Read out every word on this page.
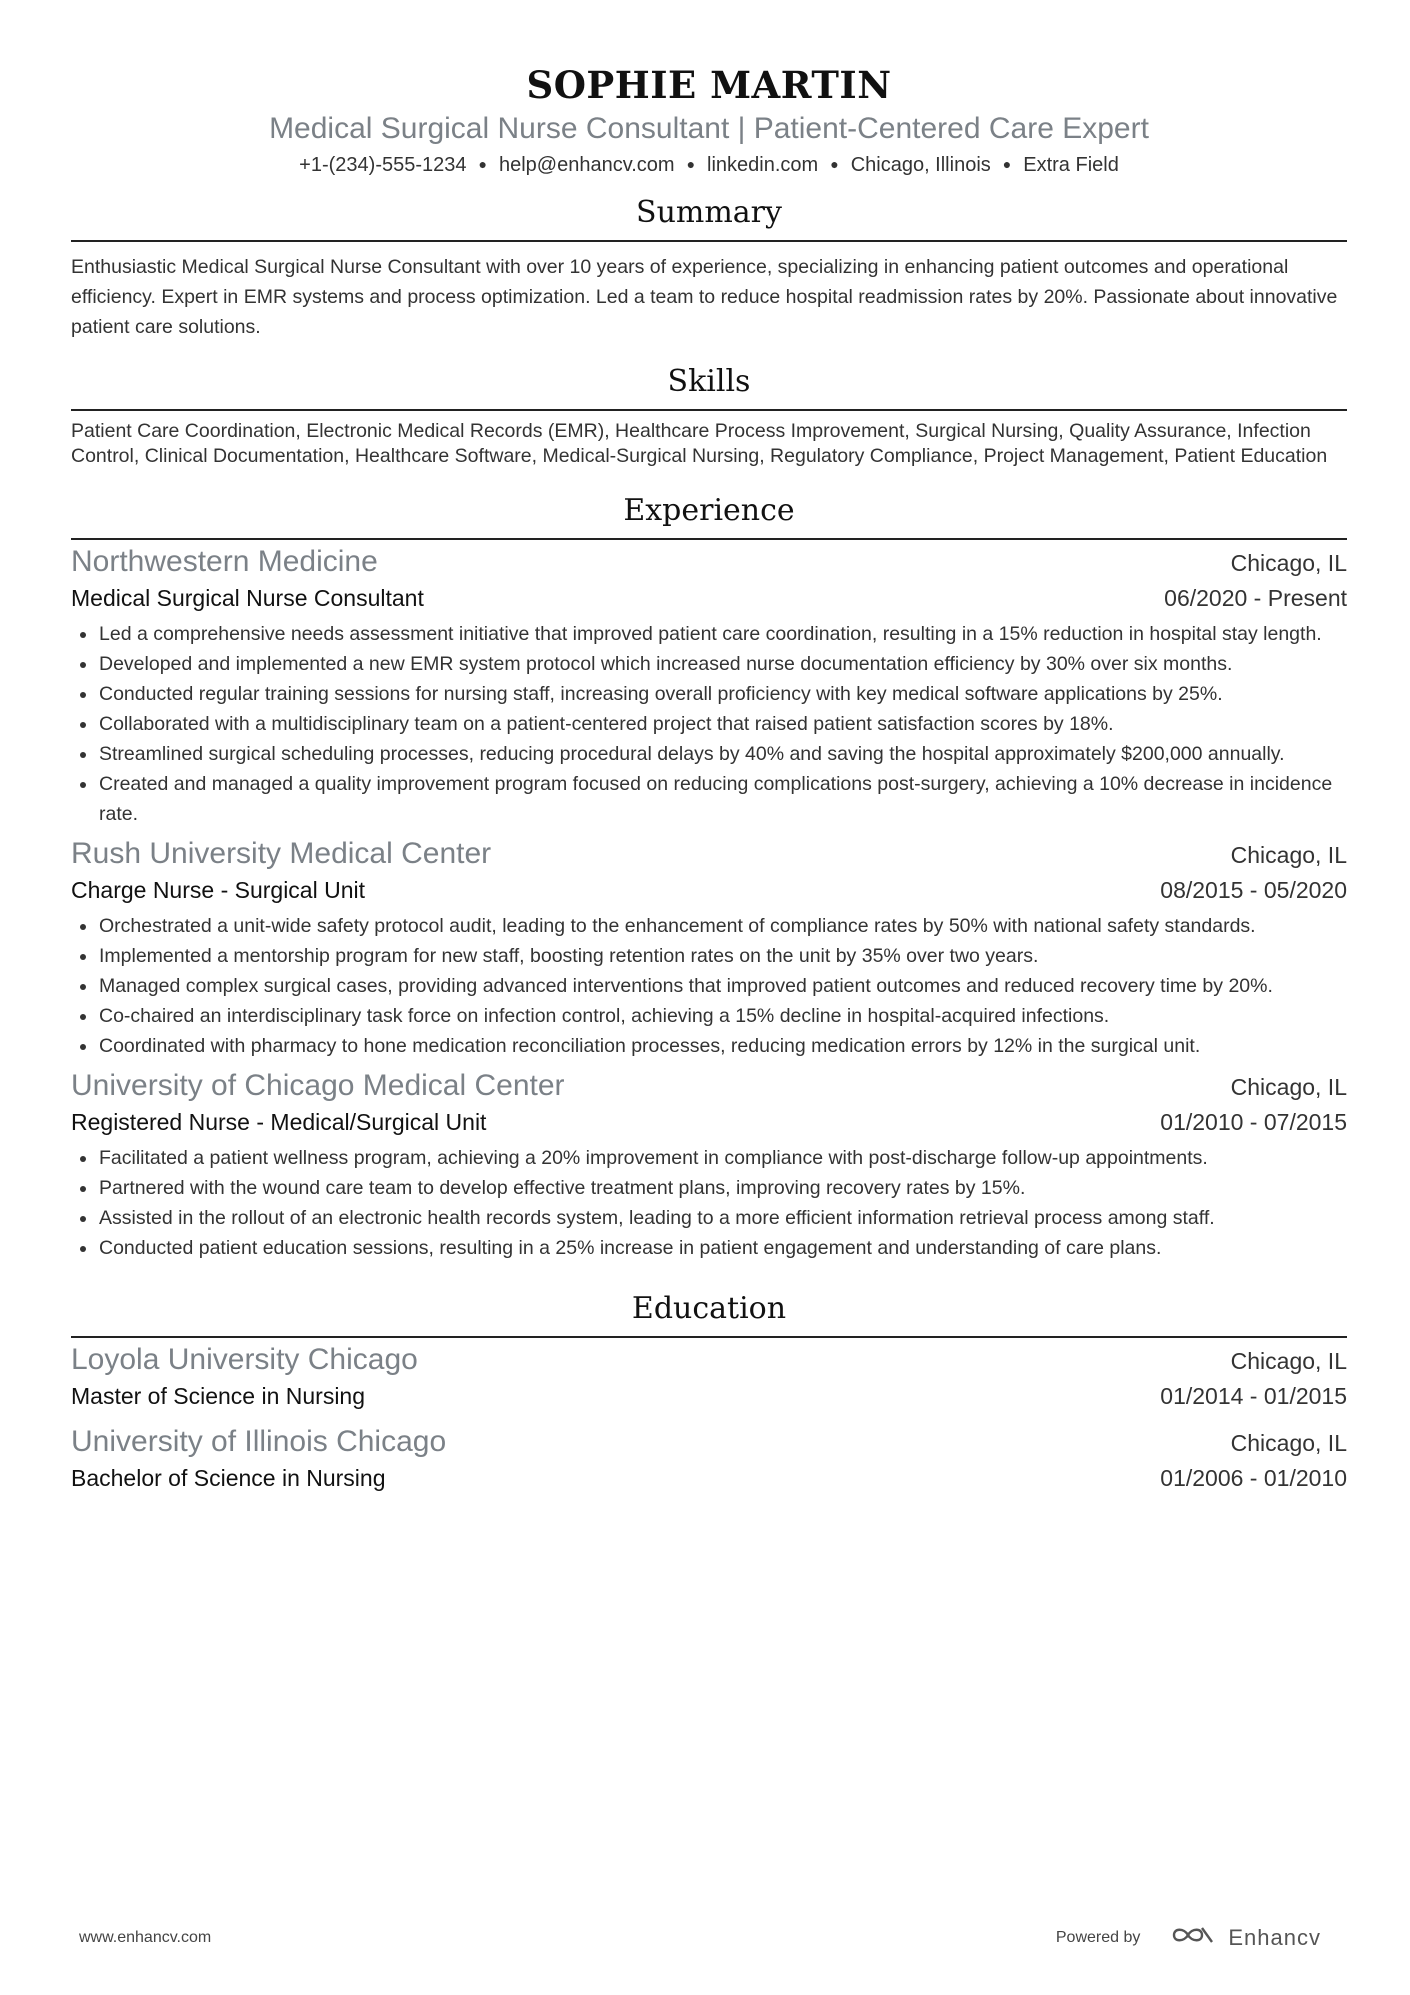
SOPHIE MARTIN
Medical Surgical Nurse Consultant | Patient-Centered Care Expert
+1-(234)-555-1234 ● help@enhancv.com ● linkedin.com ● Chicago, Illinois ● Extra Field
Summary
Enthusiastic Medical Surgical Nurse Consultant with over 10 years of experience, specializing in enhancing patient outcomes and operational efficiency. Expert in EMR systems and process optimization. Led a team to reduce hospital readmission rates by 20%. Passionate about innovative patient care solutions.
Skills
Patient Care Coordination, Electronic Medical Records (EMR), Healthcare Process Improvement, Surgical Nursing, Quality Assurance, Infection Control, Clinical Documentation, Healthcare Software, Medical-Surgical Nursing, Regulatory Compliance, Project Management, Patient Education
Experience
Northwestern Medicine	Chicago, IL
Medical Surgical Nurse Consultant	06/2020 - Present
Led a comprehensive needs assessment initiative that improved patient care coordination, resulting in a 15% reduction in hospital stay length.
Developed and implemented a new EMR system protocol which increased nurse documentation efficiency by 30% over six months.
Conducted regular training sessions for nursing staff, increasing overall proficiency with key medical software applications by 25%.
Collaborated with a multidisciplinary team on a patient-centered project that raised patient satisfaction scores by 18%.
Streamlined surgical scheduling processes, reducing procedural delays by 40% and saving the hospital approximately $200,000 annually.
Created and managed a quality improvement program focused on reducing complications post-surgery, achieving a 10% decrease in incidence rate.
Rush University Medical Center	Chicago, IL
Charge Nurse - Surgical Unit	08/2015 - 05/2020
Orchestrated a unit-wide safety protocol audit, leading to the enhancement of compliance rates by 50% with national safety standards.
Implemented a mentorship program for new staff, boosting retention rates on the unit by 35% over two years.
Managed complex surgical cases, providing advanced interventions that improved patient outcomes and reduced recovery time by 20%.
Co-chaired an interdisciplinary task force on infection control, achieving a 15% decline in hospital-acquired infections.
Coordinated with pharmacy to hone medication reconciliation processes, reducing medication errors by 12% in the surgical unit.
University of Chicago Medical Center	Chicago, IL
Registered Nurse - Medical/Surgical Unit	01/2010 - 07/2015
Facilitated a patient wellness program, achieving a 20% improvement in compliance with post-discharge follow-up appointments.
Partnered with the wound care team to develop effective treatment plans, improving recovery rates by 15%.
Assisted in the rollout of an electronic health records system, leading to a more efficient information retrieval process among staff.
Conducted patient education sessions, resulting in a 25% increase in patient engagement and understanding of care plans.
Education
Loyola University Chicago	Chicago, IL
Master of Science in Nursing	01/2014 - 01/2015
University of Illinois Chicago	Chicago, IL
Bachelor of Science in Nursing	01/2006 - 01/2010
www.enhancv.com	Powered by	Enhancv
